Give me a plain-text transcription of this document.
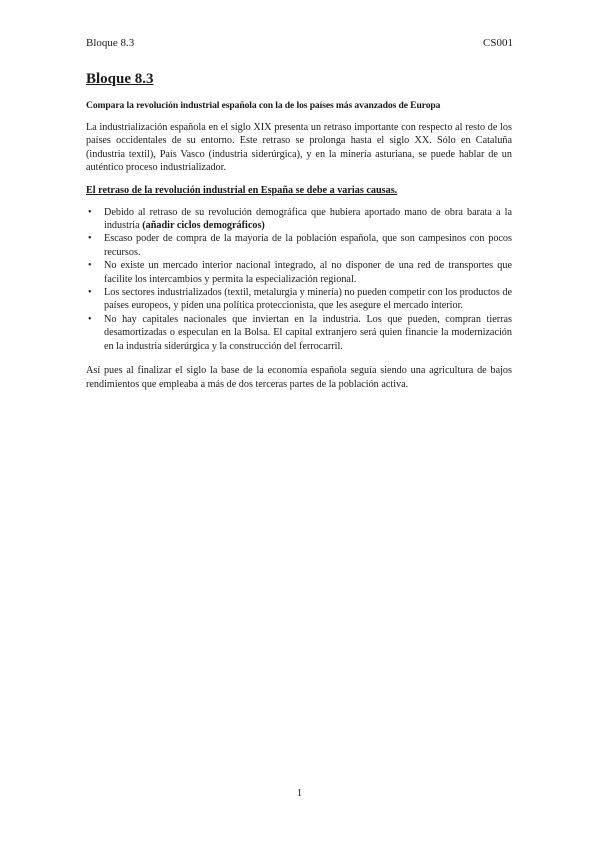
Bloque 8.3	CS001
Bloque 8.3
Compara la revolución industrial española con la de los países más avanzados de Europa

La industrialización española en el siglo XIX presenta un retraso importante con respecto al resto de los países occidentales de su entorno. Este retraso se prolonga hasta el siglo XX. Sólo en Cataluña (industria textil), País Vasco (industria siderúrgica), y en la minería asturiana, se puede hablar de un auténtico proceso industrializador.

El retraso de la revolución industrial en España se debe a varias causas.
• Debido al retraso de su revolución demográfica que hubiera aportado mano de obra barata a la industria (añadir ciclos demográficos)
• Escaso poder de compra de la mayoría de la población española, que son campesinos con pocos recursos.
• No existe un mercado interior nacional integrado, al no disponer de una red de transportes que facilite los intercambios y permita la especialización regional.
• Los sectores industrializados (textil, metalurgia y minería) no pueden competir con los productos de países europeos, y piden una política proteccionista, que les asegure el mercado interior.
• No hay capitales nacionales que inviertan en la industria. Los que pueden, compran tierras desamortizadas o especulan en la Bolsa. El capital extranjero será quien financie la modernización en la industria siderúrgica y la construcción del ferrocarril.

Así pues al finalizar el siglo la base de la economía española seguía siendo una agricultura de bajos rendimientos que empleaba a más de dos terceras partes de la población activa.

1
